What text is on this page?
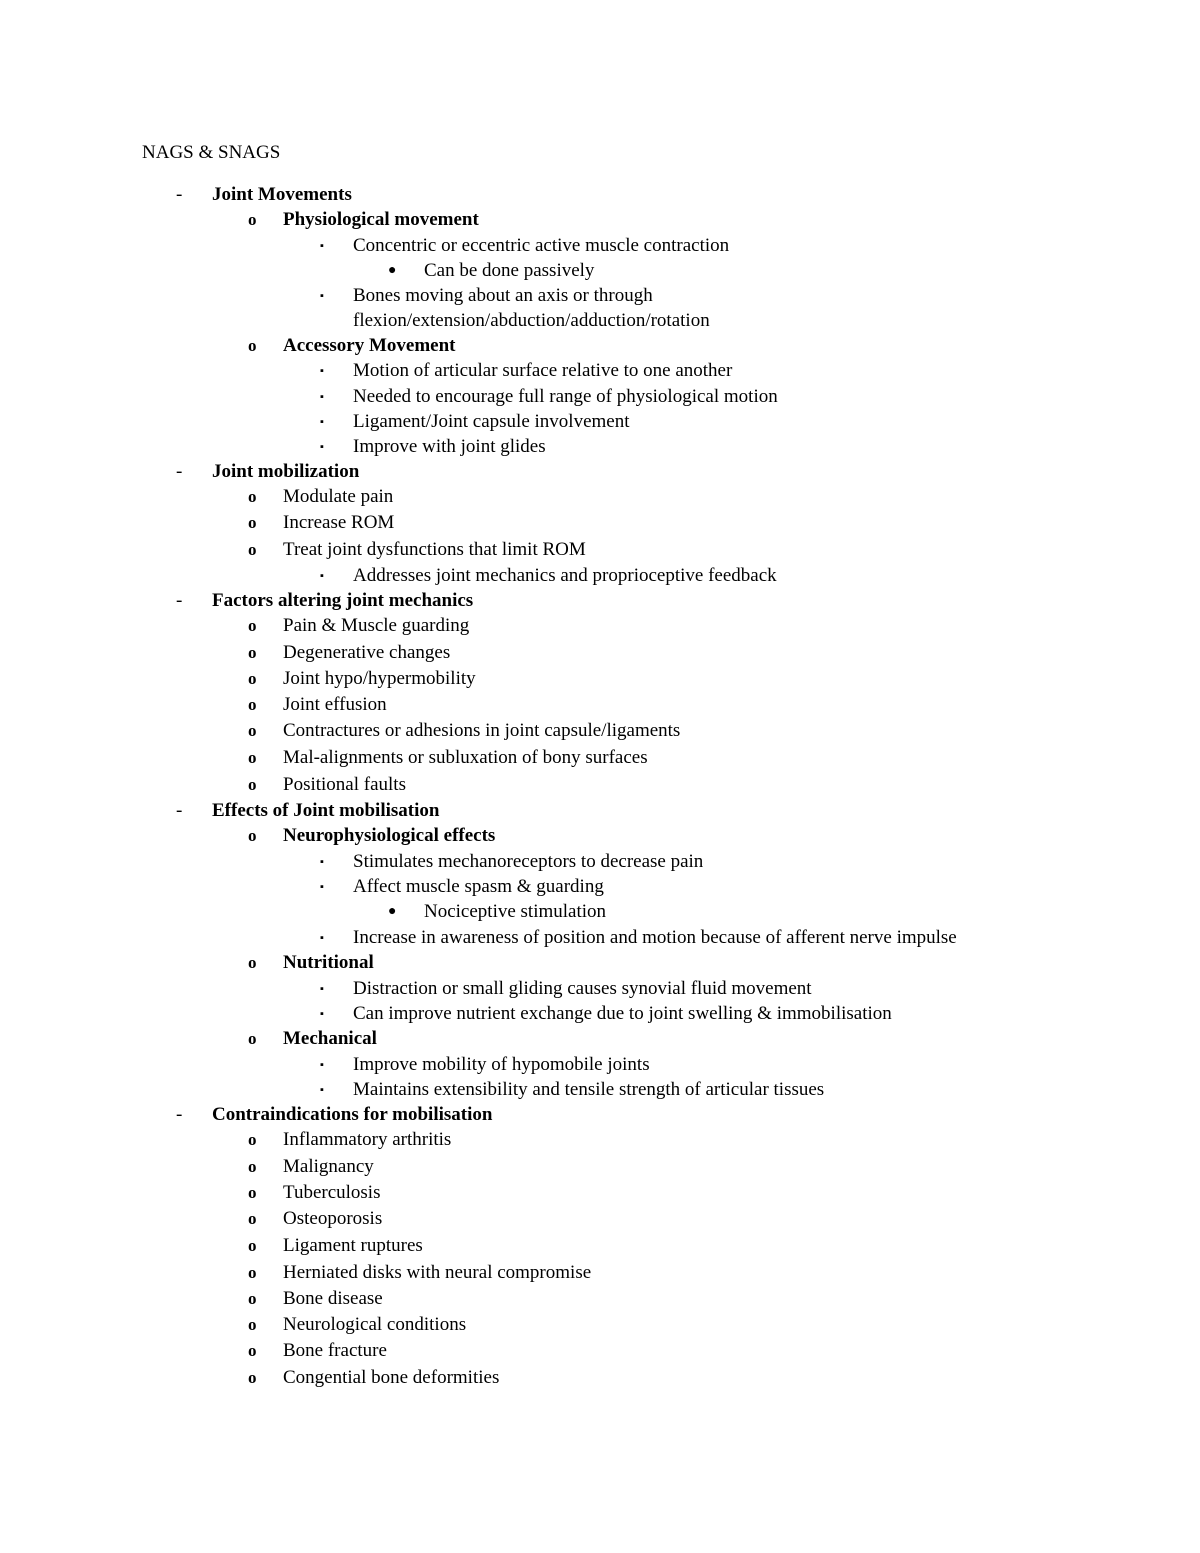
NAGS & SNAGS
- Joint Movements
o Physiological movement
▪ Concentric or eccentric active muscle contraction
● Can be done passively
▪ Bones moving about an axis or through
flexion/extension/abduction/adduction/rotation
o Accessory Movement
▪ Motion of articular surface relative to one another
▪ Needed to encourage full range of physiological motion
▪ Ligament/Joint capsule involvement
▪ Improve with joint glides
- Joint mobilization
o Modulate pain
o Increase ROM
o Treat joint dysfunctions that limit ROM
▪ Addresses joint mechanics and proprioceptive feedback
- Factors altering joint mechanics
o Pain & Muscle guarding
o Degenerative changes
o Joint hypo/hypermobility
o Joint effusion
o Contractures or adhesions in joint capsule/ligaments
o Mal-alignments or subluxation of bony surfaces
o Positional faults
- Effects of Joint mobilisation
o Neurophysiological effects
▪ Stimulates mechanoreceptors to decrease pain
▪ Affect muscle spasm & guarding
● Nociceptive stimulation
▪ Increase in awareness of position and motion because of afferent nerve impulse
o Nutritional
▪ Distraction or small gliding causes synovial fluid movement
▪ Can improve nutrient exchange due to joint swelling & immobilisation
o Mechanical
▪ Improve mobility of hypomobile joints
▪ Maintains extensibility and tensile strength of articular tissues
- Contraindications for mobilisation
o Inflammatory arthritis
o Malignancy
o Tuberculosis
o Osteoporosis
o Ligament ruptures
o Herniated disks with neural compromise
o Bone disease
o Neurological conditions
o Bone fracture
o Congential bone deformities
